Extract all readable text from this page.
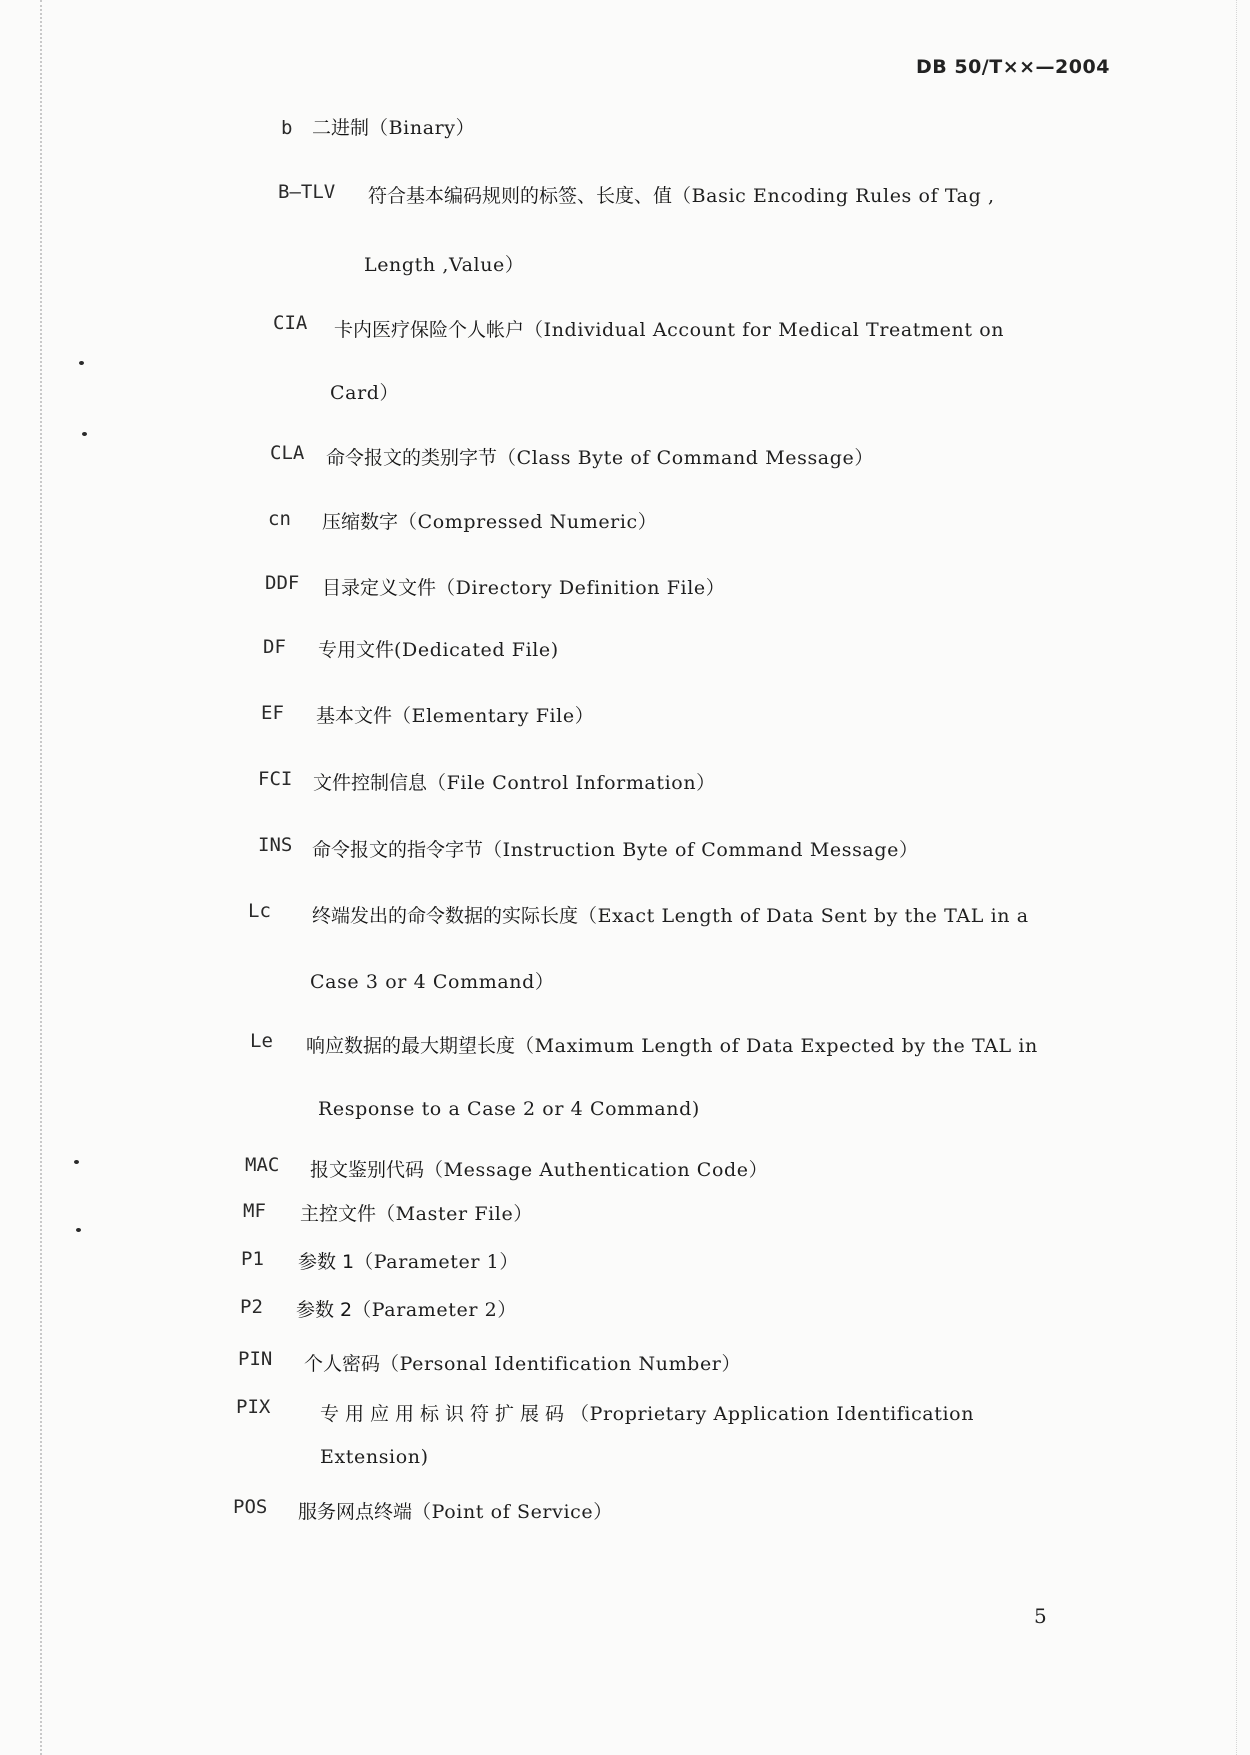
DB 50/T××—2004
b 二进制（Binary）
B—TLV 符合基本编码规则的标签、长度、值（Basic Encoding Rules of Tag ,
Length ,Value）
CIA 卡内医疗保险个人帐户（Individual Account for Medical Treatment on
Card）
CLA 命令报文的类别字节（Class Byte of Command Message）
cn 压缩数字（Compressed Numeric）
DDF 目录定义文件（Directory Definition File）
DF 专用文件(Dedicated File)
EF 基本文件（Elementary File）
FCI 文件控制信息（File Control Information）
INS 命令报文的指令字节（Instruction Byte of Command Message）
Lc 终端发出的命令数据的实际长度（Exact Length of Data Sent by the TAL in a
Case 3 or 4 Command）
Le 响应数据的最大期望长度（Maximum Length of Data Expected by the TAL in
Response to a Case 2 or 4 Command)
MAC 报文鉴别代码（Message Authentication Code）
MF 主控文件（Master File）
P1 参数 1（Parameter 1）
P2 参数 2（Parameter 2）
PIN 个人密码（Personal Identification Number）
PIX	专用应用标识符扩展码（Proprietary Application Identification
Extension)
POS 服务网点终端（Point of Service）
5
